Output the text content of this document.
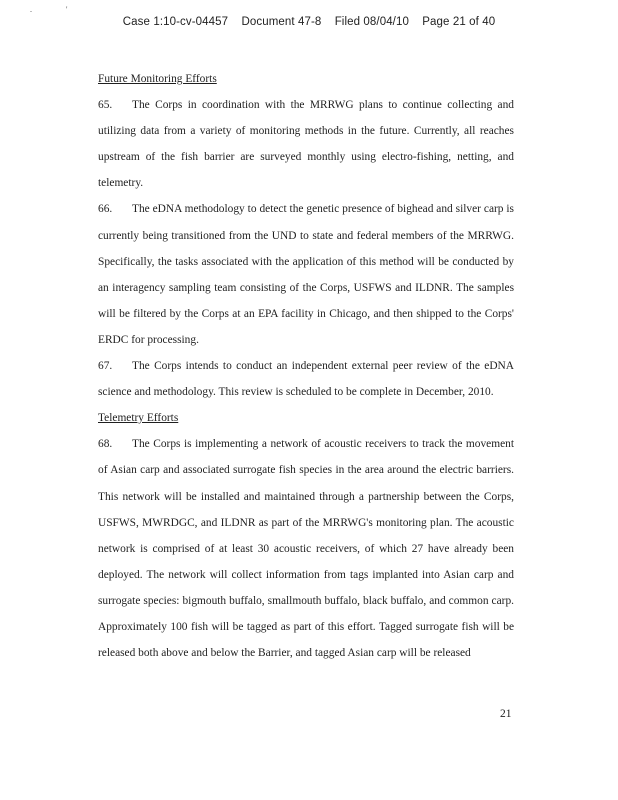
.	'
Case 1:10-cv-04457 Document 47-8 Filed 08/04/10 Page 21 of 40

Future Monitoring Efforts

65. The Corps in coordination with the MRRWG plans to continue collecting and utilizing data from a variety of monitoring methods in the future. Currently, all reaches upstream of the fish barrier are surveyed monthly using electro-fishing, netting, and telemetry.

66. The eDNA methodology to detect the genetic presence of bighead and silver carp is currently being transitioned from the UND to state and federal members of the MRRWG. Specifically, the tasks associated with the application of this method will be conducted by an interagency sampling team consisting of the Corps, USFWS and ILDNR. The samples will be filtered by the Corps at an EPA facility in Chicago, and then shipped to the Corps' ERDC for processing.

67. The Corps intends to conduct an independent external peer review of the eDNA science and methodology. This review is scheduled to be complete in December, 2010.

Telemetry Efforts

68. The Corps is implementing a network of acoustic receivers to track the movement of Asian carp and associated surrogate fish species in the area around the electric barriers. This network will be installed and maintained through a partnership between the Corps, USFWS, MWRDGC, and ILDNR as part of the MRRWG's monitoring plan. The acoustic network is comprised of at least 30 acoustic receivers, of which 27 have already been deployed. The network will collect information from tags implanted into Asian carp and surrogate species: bigmouth buffalo, smallmouth buffalo, black buffalo, and common carp. Approximately 100 fish will be tagged as part of this effort. Tagged surrogate fish will be released both above and below the Barrier, and tagged Asian carp will be released

21
